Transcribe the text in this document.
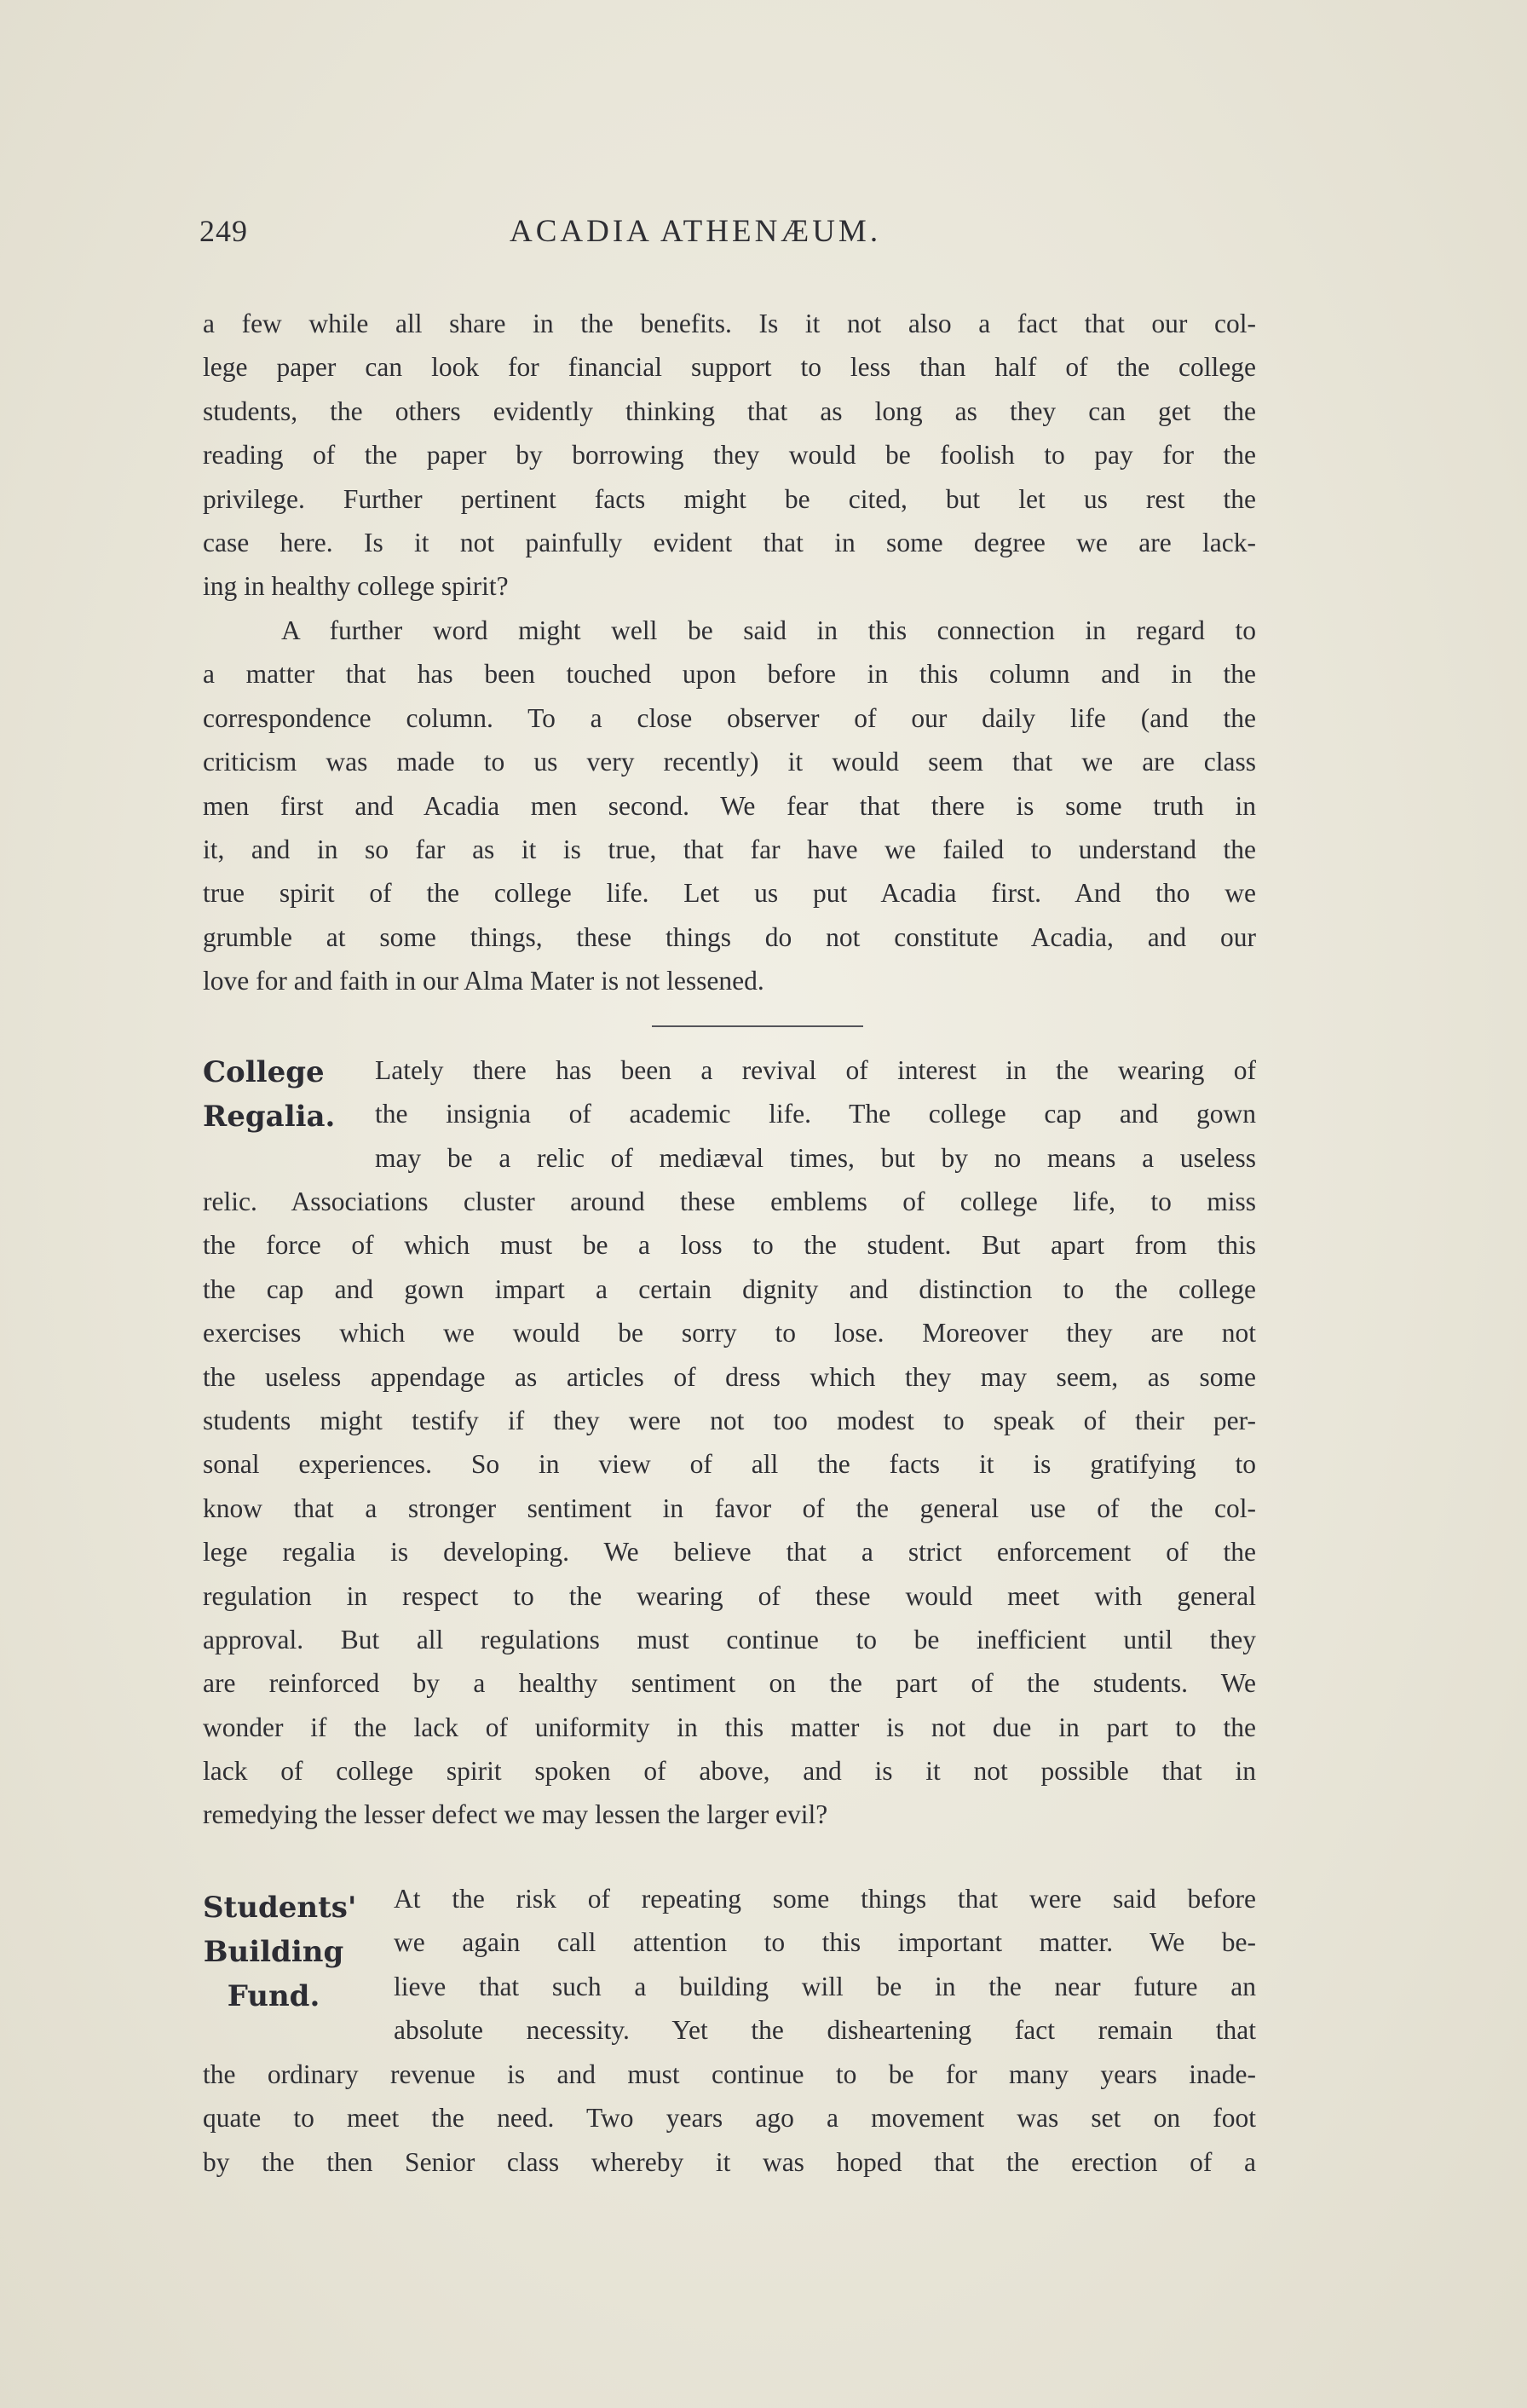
249	ACADIA ATHENÆUM.
a few while all share in the benefits. Is it not also a fact that our col-
lege paper can look for financial support to less than half of the college
students, the others evidently thinking that as long as they can get the
reading of the paper by borrowing they would be foolish to pay for the
privilege. Further pertinent facts might be cited, but let us rest the
case here. Is it not painfully evident that in some degree we are lack-
ing in healthy college spirit?
A further word might well be said in this connection in regard to
a matter that has been touched upon before in this column and in the
correspondence column. To a close observer of our daily life (and the
criticism was made to us very recently) it would seem that we are class
men first and Acadia men second. We fear that there is some truth in
it, and in so far as it is true, that far have we failed to understand the
true spirit of the college life. Let us put Acadia first. And tho we
grumble at some things, these things do not constitute Acadia, and our
love for and faith in our Alma Mater is not lessened.
College
Regalia.
Lately there has been a revival of interest in the wearing of
the insignia of academic life. The college cap and gown
may be a relic of mediæval times, but by no means a useless
relic. Associations cluster around these emblems of college life, to miss
the force of which must be a loss to the student. But apart from this
the cap and gown impart a certain dignity and distinction to the college
exercises which we would be sorry to lose. Moreover they are not
the useless appendage as articles of dress which they may seem, as some
students might testify if they were not too modest to speak of their per-
sonal experiences. So in view of all the facts it is gratifying to
know that a stronger sentiment in favor of the general use of the col-
lege regalia is developing. We believe that a strict enforcement of the
regulation in respect to the wearing of these would meet with general
approval. But all regulations must continue to be inefficient until they
are reinforced by a healthy sentiment on the part of the students. We
wonder if the lack of uniformity in this matter is not due in part to the
lack of college spirit spoken of above, and is it not possible that in
remedying the lesser defect we may lessen the larger evil?
Students'
Building
Fund.
At the risk of repeating some things that were said before
we again call attention to this important matter. We be-
lieve that such a building will be in the near future an
absolute necessity. Yet the disheartening fact remain that
the ordinary revenue is and must continue to be for many years inade-
quate to meet the need. Two years ago a movement was set on foot
by the then Senior class whereby it was hoped that the erection of a
